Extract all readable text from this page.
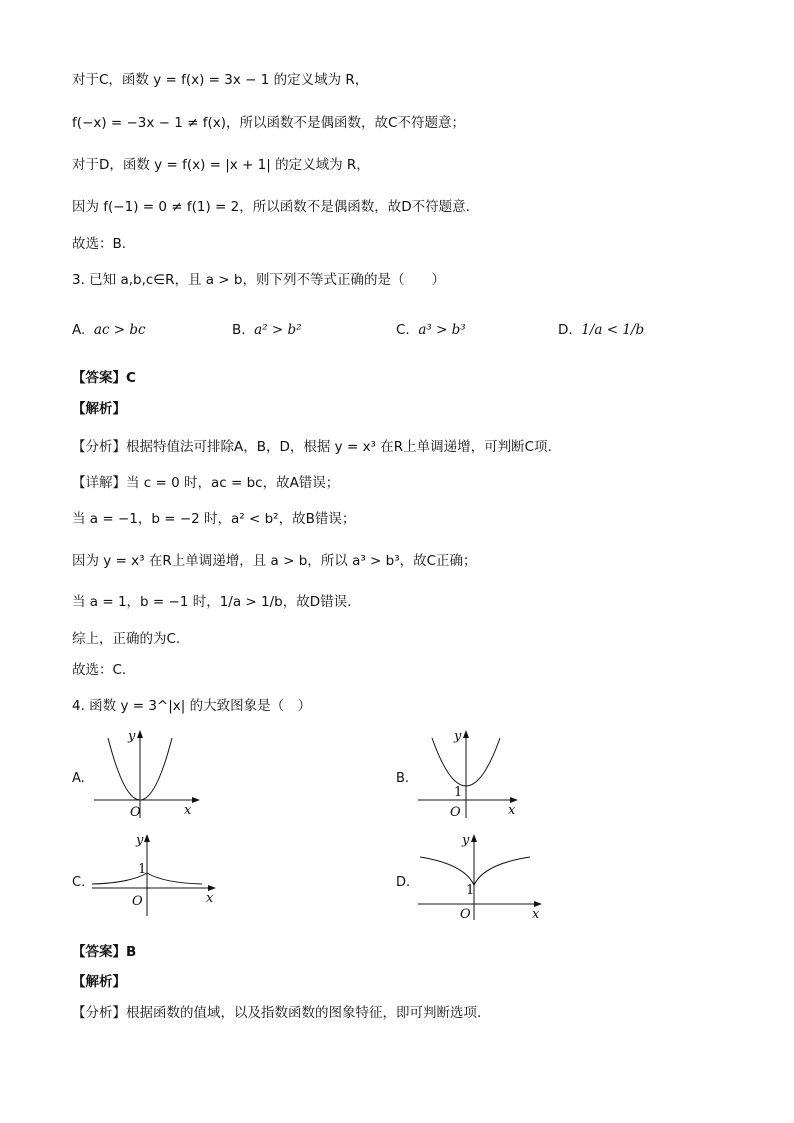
对于C，函数 y = f(x) = 3x − 1 的定义域为 R，
f(−x) = −3x − 1 ≠ f(x)，所以函数不是偶函数，故C不符题意；
对于D，函数 y = f(x) = |x + 1| 的定义域为 R，
因为 f(−1) = 0 ≠ f(1) = 2，所以函数不是偶函数，故D不符题意.
故选：B.
3. 已知 a,b,c∈R，且 a > b，则下列不等式正确的是（　　）
A. ac > bc	B. a² > b²	C. a³ > b³	D. 1/a < 1/b
【答案】C
【解析】
【分析】根据特值法可排除A，B，D，根据 y = x³ 在R上单调递增，可判断C项.
【详解】当 c = 0 时，ac = bc，故A错误；
当 a = −1，b = −2 时，a² < b²，故B错误；
因为 y = x³ 在R上单调递增，且 a > b，所以 a³ > b³，故C正确；
当 a = 1，b = −1 时，1/a > 1/b，故D错误.
综上，正确的为C.
故选：C.
4. 函数 y = 3^|x| 的大致图象是（　）
A.
O	x
y
B.
1
O	x
y
C.
1
O	x
y
D.
1
O	x
y
【答案】B
【解析】
【分析】根据函数的值域，以及指数函数的图象特征，即可判断选项.
